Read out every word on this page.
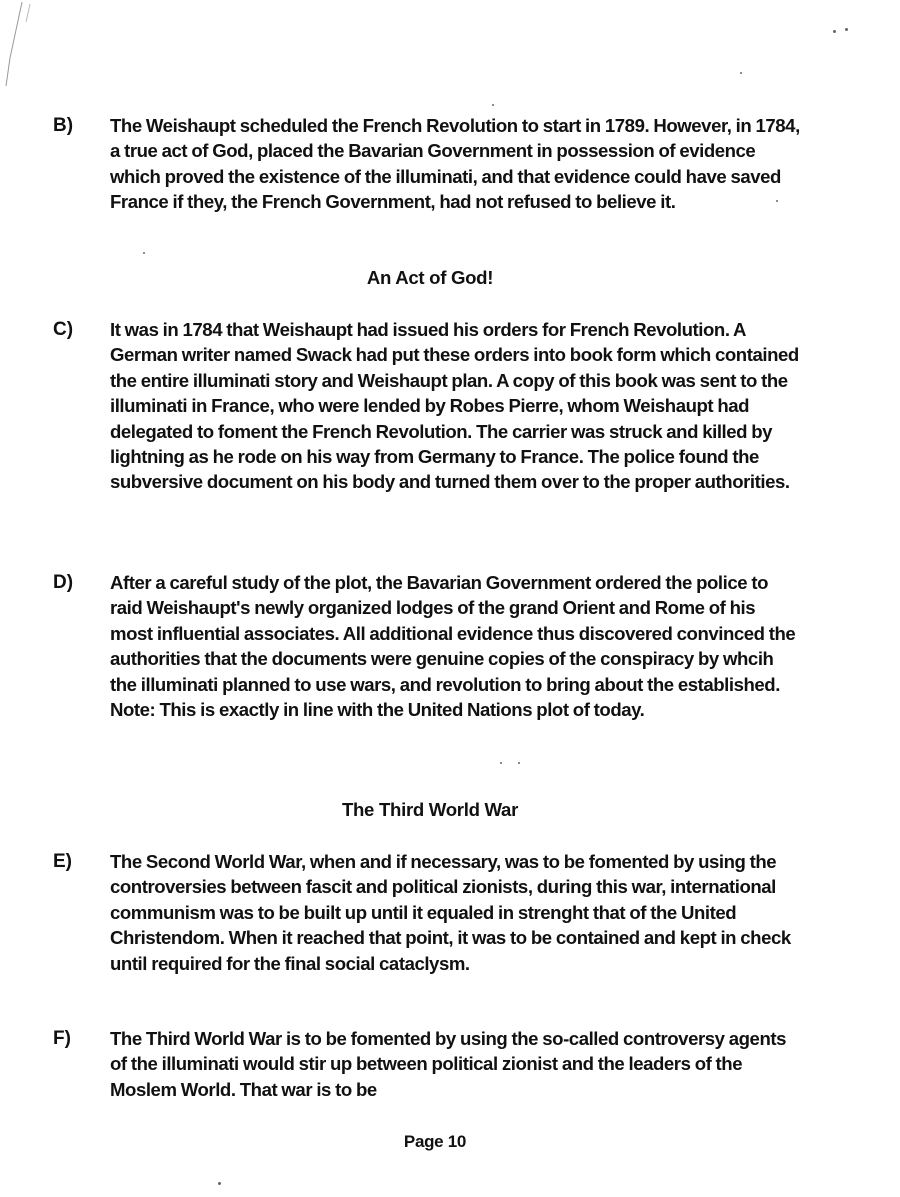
B) The Weishaupt scheduled the French Revolution to start in 1789. However, in 1784, a true act of God, placed the Bavarian Government in possession of evidence which proved the existence of the illuminati, and that evidence could have saved France if they, the French Government, had not refused to believe it.
An Act of God!
C) It was in 1784 that Weishaupt had issued his orders for French Revolution. A German writer named Swack had put these orders into book form which contained the entire illuminati story and Weishaupt plan. A copy of this book was sent to the illuminati in France, who were lended by Robes Pierre, whom Weishaupt had delegated to foment the French Revolution. The carrier was struck and killed by lightning as he rode on his way from Germany to France. The police found the subversive document on his body and turned them over to the proper authorities.
D) After a careful study of the plot, the Bavarian Government ordered the police to raid Weishaupt's newly organized lodges of the grand Orient and Rome of his most influential associates. All additional evidence thus discovered convinced the authorities that the documents were genuine copies of the conspiracy by whcih the illuminati planned to use wars, and revolution to bring about the established. Note: This is exactly in line with the United Nations plot of today.
The Third World War
E) The Second World War, when and if necessary, was to be fomented by using the controversies between fascit and political zionists, during this war, international communism was to be built up until it equaled in strenght that of the United Christendom. When it reached that point, it was to be contained and kept in check until required for the final social cataclysm.
F) The Third World War is to be fomented by using the so-called controversy agents of the illuminati would stir up between political zionist and the leaders of the Moslem World. That war is to be
Page 10
